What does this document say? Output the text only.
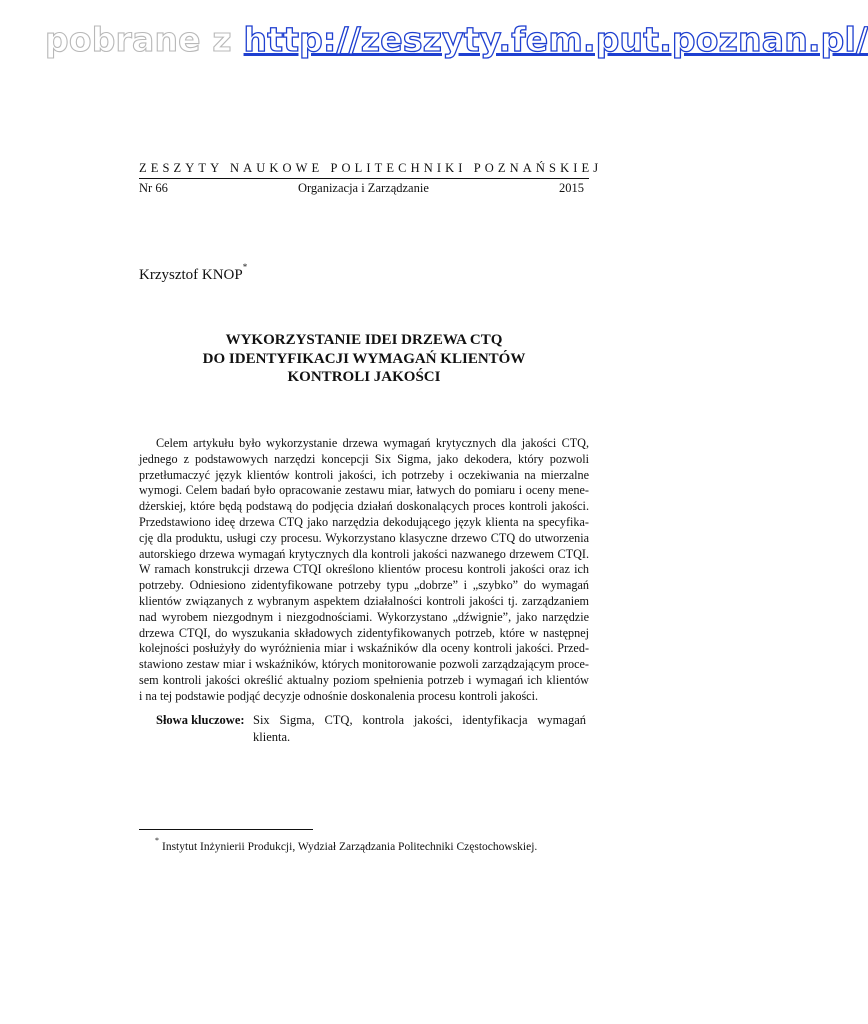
pobrane z http://zeszyty.fem.put.poznan.pl/
ZESZYTY NAUKOWE POLITECHNIKI POZNAŃSKIEJ
Nr 66	Organizacja i Zarządzanie	2015
Krzysztof KNOP*
WYKORZYSTANIE IDEI DRZEWA CTQ
DO IDENTYFIKACJI WYMAGAŃ KLIENTÓW
KONTROLI JAKOŚCI
Celem artykułu było wykorzystanie drzewa wymagań krytycznych dla jakości CTQ,
jednego z podstawowych narzędzi koncepcji Six Sigma, jako dekodera, który pozwoli
przetłumaczyć język klientów kontroli jakości, ich potrzeby i oczekiwania na mierzalne
wymogi. Celem badań było opracowanie zestawu miar, łatwych do pomiaru i oceny mene-
dżerskiej, które będą podstawą do podjęcia działań doskonalących proces kontroli jakości.
Przedstawiono ideę drzewa CTQ jako narzędzia dekodującego język klienta na specyfika-
cję dla produktu, usługi czy procesu. Wykorzystano klasyczne drzewo CTQ do utworzenia
autorskiego drzewa wymagań krytycznych dla kontroli jakości nazwanego drzewem CTQI.
W ramach konstrukcji drzewa CTQI określono klientów procesu kontroli jakości oraz ich
potrzeby. Odniesiono zidentyfikowane potrzeby typu „dobrze” i „szybko” do wymagań
klientów związanych z wybranym aspektem działalności kontroli jakości tj. zarządzaniem
nad wyrobem niezgodnym i niezgodnościami. Wykorzystano „dźwignie”, jako narzędzie
drzewa CTQI, do wyszukania składowych zidentyfikowanych potrzeb, które w następnej
kolejności posłużyły do wyróżnienia miar i wskaźników dla oceny kontroli jakości. Przed-
stawiono zestaw miar i wskaźników, których monitorowanie pozwoli zarządzającym proce-
sem kontroli jakości określić aktualny poziom spełnienia potrzeb i wymagań ich klientów
i na tej podstawie podjąć decyzje odnośnie doskonalenia procesu kontroli jakości.
Słowa kluczowe: Six Sigma, CTQ, kontrola jakości, identyfikacja wymagań
klienta.
*Instytut Inżynierii Produkcji, Wydział Zarządzania Politechniki Częstochowskiej.
